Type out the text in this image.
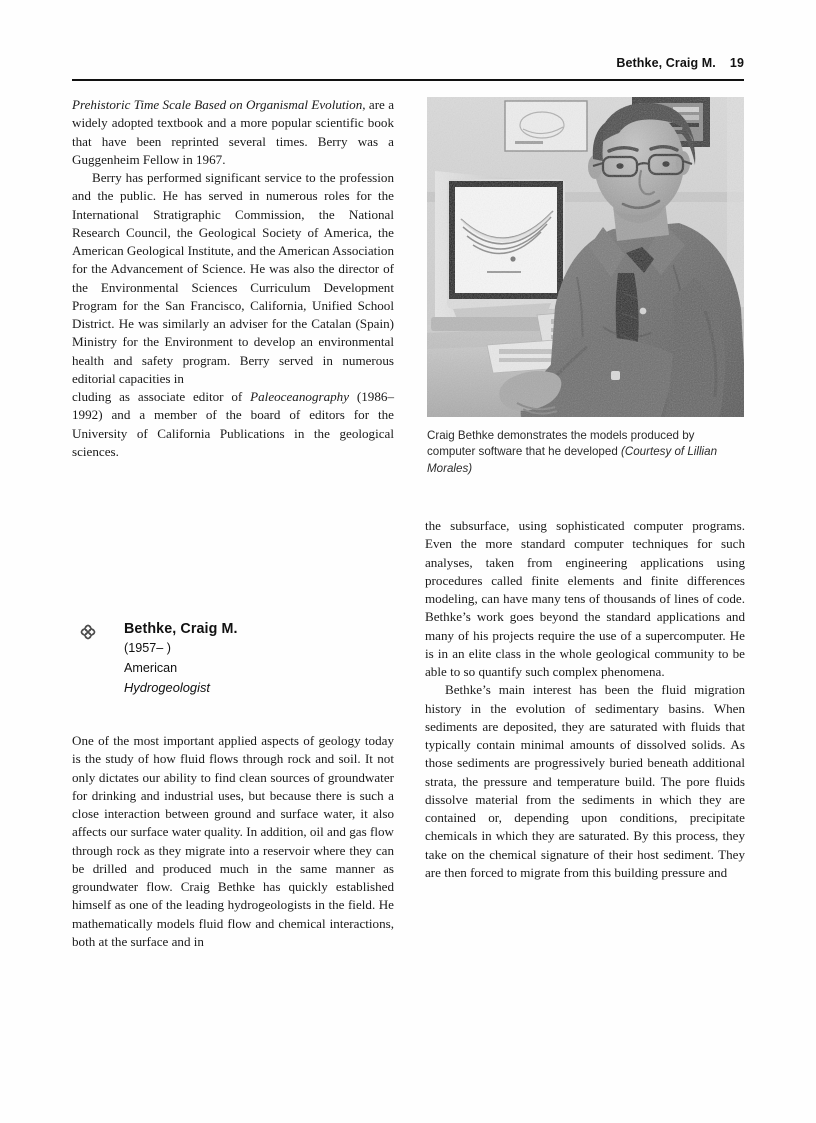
Bethke, Craig M. 19

Prehistoric Time Scale Based on Organismal Evolution, are a widely adopted textbook and a more popular scientific book that have been reprinted several times. Berry was a Guggenheim Fellow in 1967.

Berry has performed significant service to the profession and the public. He has served in numerous roles for the International Stratigraphic Commission, the National Research Council, the Geological Society of America, the American Geological Institute, and the American Association for the Advancement of Science. He was also the director of the Environmental Sciences Curriculum Development Program for the San Francisco, California, Unified School District. He was similarly an adviser for the Catalan (Spain) Ministry for the Environment to develop an environmental health and safety program. Berry served in numerous editorial capacities in

cluding as associate editor of Paleoceanography (1986–1992) and a member of the board of editors for the University of California Publications in the geological sciences.

Bethke, Craig M.
(1957– )
American
Hydrogeologist

One of the most important applied aspects of geology today is the study of how fluid flows through rock and soil. It not only dictates our ability to find clean sources of groundwater for drinking and industrial uses, but because there is such a close interaction between ground and surface water, it also affects our surface water quality. In addition, oil and gas flow through rock as they migrate into a reservoir where they can be drilled and produced much in the same manner as groundwater flow. Craig Bethke has quickly established himself as one of the leading hydrogeologists in the field. He mathematically models fluid flow and chemical interactions, both at the surface and in

Craig Bethke demonstrates the models produced by computer software that he developed (Courtesy of Lillian Morales)

the subsurface, using sophisticated computer programs. Even the more standard computer techniques for such analyses, taken from engineering applications using procedures called finite elements and finite differences modeling, can have many tens of thousands of lines of code. Bethke’s work goes beyond the standard applications and many of his projects require the use of a supercomputer. He is in an elite class in the whole geological community to be able to so quantify such complex phenomena.

Bethke’s main interest has been the fluid migration history in the evolution of sedimentary basins. When sediments are deposited, they are saturated with fluids that typically contain minimal amounts of dissolved solids. As those sediments are progressively buried beneath additional strata, the pressure and temperature build. The pore fluids dissolve material from the sediments in which they are contained or, depending upon conditions, precipitate chemicals in which they are saturated. By this process, they take on the chemical signature of their host sediment. They are then forced to migrate from this building pressure and
